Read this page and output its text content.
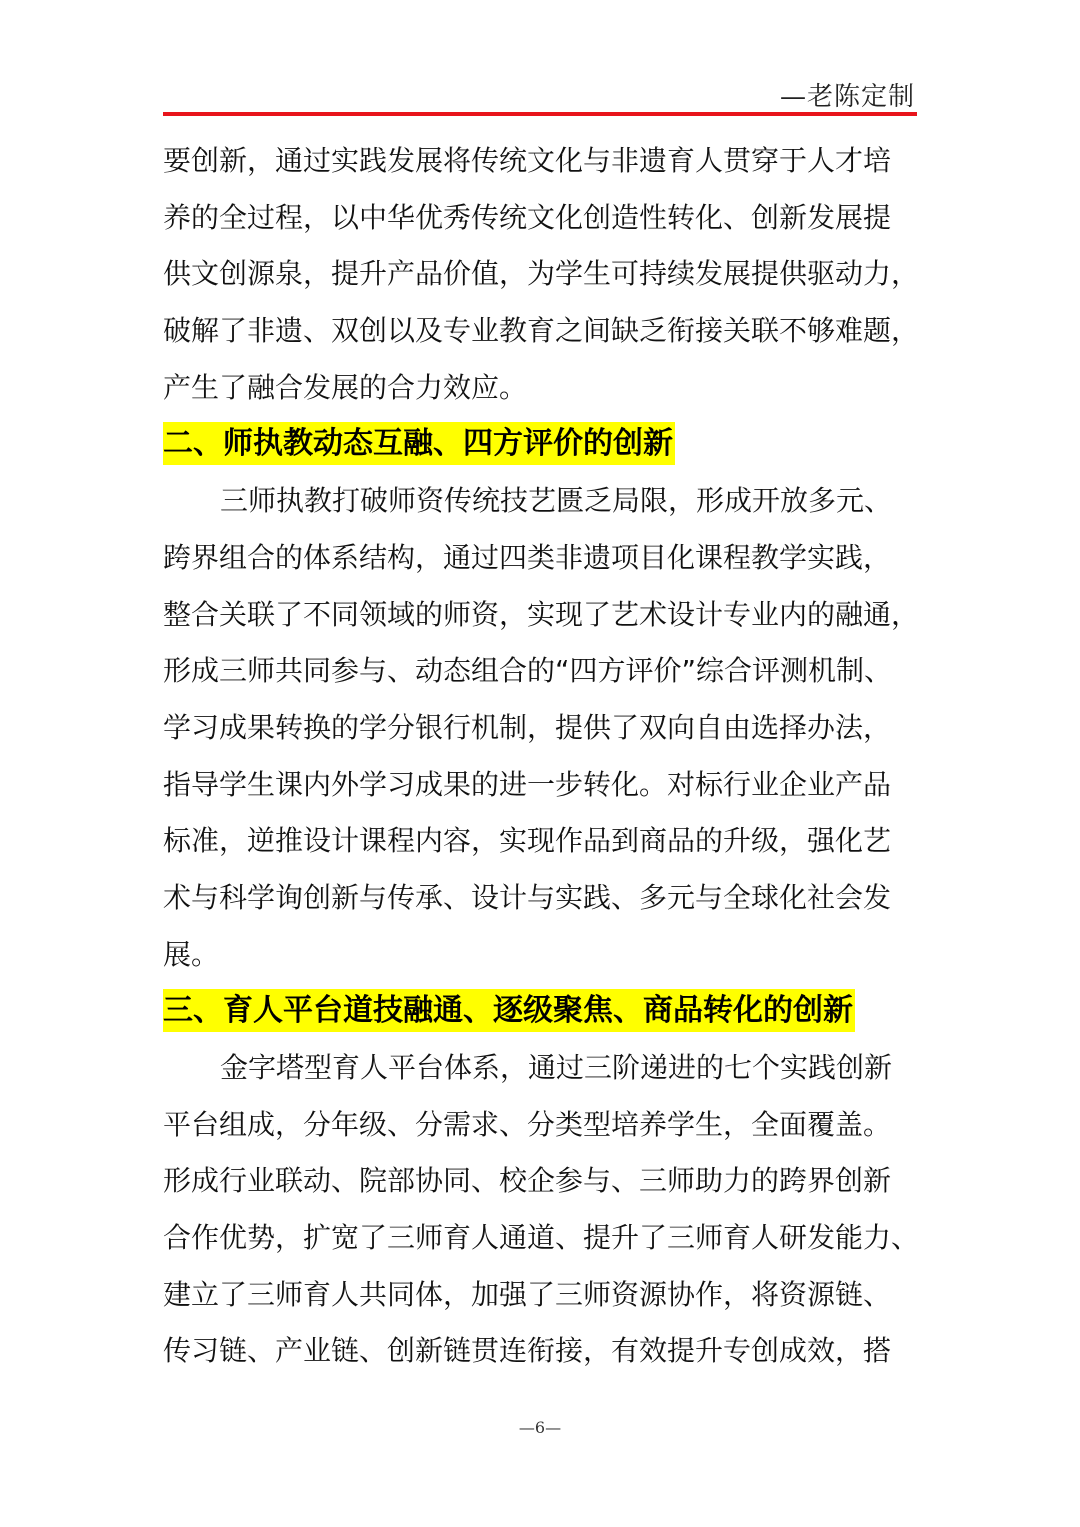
—老陈定制
要创新，通过实践发展将传统文化与非遗育人贯穿于人才培
养的全过程，以中华优秀传统文化创造性转化、创新发展提
供文创源泉，提升产品价值，为学生可持续发展提供驱动力，
破解了非遗、双创以及专业教育之间缺乏衔接关联不够难题，
产生了融合发展的合力效应。
二、师执教动态互融、四方评价的创新
三师执教打破师资传统技艺匮乏局限，形成开放多元、
跨界组合的体系结构，通过四类非遗项目化课程教学实践，
整合关联了不同领域的师资，实现了艺术设计专业内的融通，
形成三师共同参与、动态组合的“四方评价”综合评测机制、
学习成果转换的学分银行机制，提供了双向自由选择办法，
指导学生课内外学习成果的进一步转化。对标行业企业产品
标准，逆推设计课程内容，实现作品到商品的升级，强化艺
术与科学询创新与传承、设计与实践、多元与全球化社会发
展。
三、育人平台道技融通、逐级聚焦、商品转化的创新
金字塔型育人平台体系，通过三阶递进的七个实践创新
平台组成，分年级、分需求、分类型培养学生，全面覆盖。
形成行业联动、院部协同、校企参与、三师助力的跨界创新
合作优势，扩宽了三师育人通道、提升了三师育人研发能力、
建立了三师育人共同体，加强了三师资源协作，将资源链、
传习链、产业链、创新链贯连衔接，有效提升专创成效，搭
—6—
